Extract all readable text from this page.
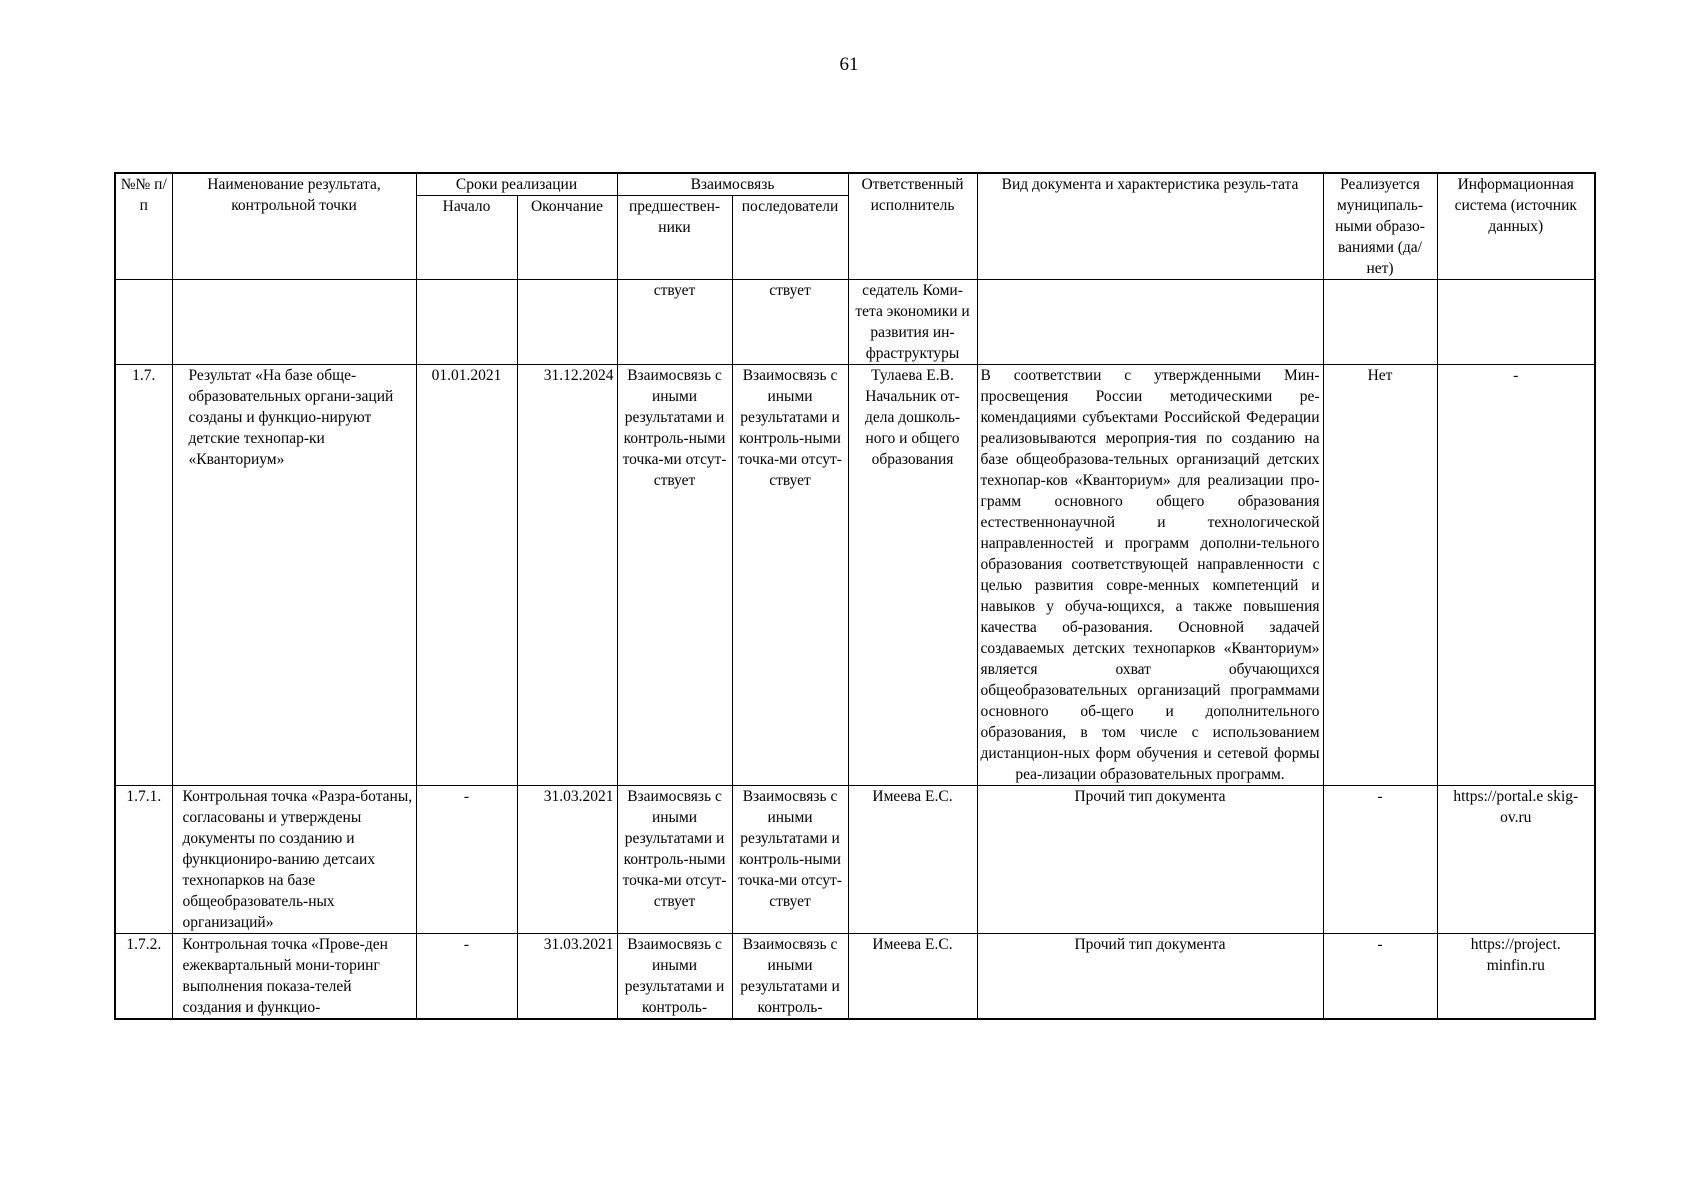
61
№№ п/п	Наименование результата, контрольной точки	Сроки реализации		Взаимосвязь		Ответственный исполнитель	Вид документа и характеристика резуль-тата	Реализуется муниципаль-ными образо-ваниями (да/нет)	Информационная система (источник данных)
		Начало	Окончание	предшествен-ники	последователи				
				ствует	ствует	седатель Коми-тета экономики и развития ин-фраструктуры			
1.7.	Результат «На базе обще-образовательных органи-заций созданы и функцио-нируют детские технопар-ки «Кванториум»	01.01.2021	31.12.2024	Взаимосвязь с иными результатами и контроль-ными точка-ми отсут-ствует	Взаимосвязь с иными результатами и контроль-ными точка-ми отсут-ствует	Тулаева Е.В. Начальник от-дела дошколь-ного и общего образования	В соответствии с утвержденными Мин-просвещения России методическими ре-комендациями субъектами Российской Федерации реализовываются мероприя-тия по созданию на базе общеобразова-тельных организаций детских технопар-ков «Кванториум» для реализации про-грамм основного общего образования естественнонаучной и технологической направленностей и программ дополни-тельного образования соответствующей направленности с целью развития совре-менных компетенций и навыков у обуча-ющихся, а также повышения качества об-разования. Основной задачей создаваемых детских технопарков «Кванториум» является охват обучающихся общеобразовательных организаций программами основного об-щего и дополнительного образования, в том числе с использованием дистанцион-ных форм обучения и сетевой формы реа-лизации образовательных программ.	Нет	-
1.7.1.	Контрольная точка «Разра-ботаны, согласованы и утверждены документы по созданию и функциониро-ванию детсаих технопарков на базе общеобразователь-ных организаций»	-	31.03.2021	Взаимосвязь с иными результатами и контроль-ными точка-ми отсут-ствует	Взаимосвязь с иными результатами и контроль-ными точка-ми отсут-ствует	Имеева Е.С.	Прочий тип документа	-	https://portal.e skig-ov.ru
1.7.2.	Контрольная точка «Прове-ден ежеквартальный мони-торинг выполнения показа-телей создания и функцио-	-	31.03.2021	Взаимосвязь с иными результатами и контроль-	Взаимосвязь с иными результатами и контроль-	Имеева Е.С.	Прочий тип документа	-	https://project. minfin.ru
